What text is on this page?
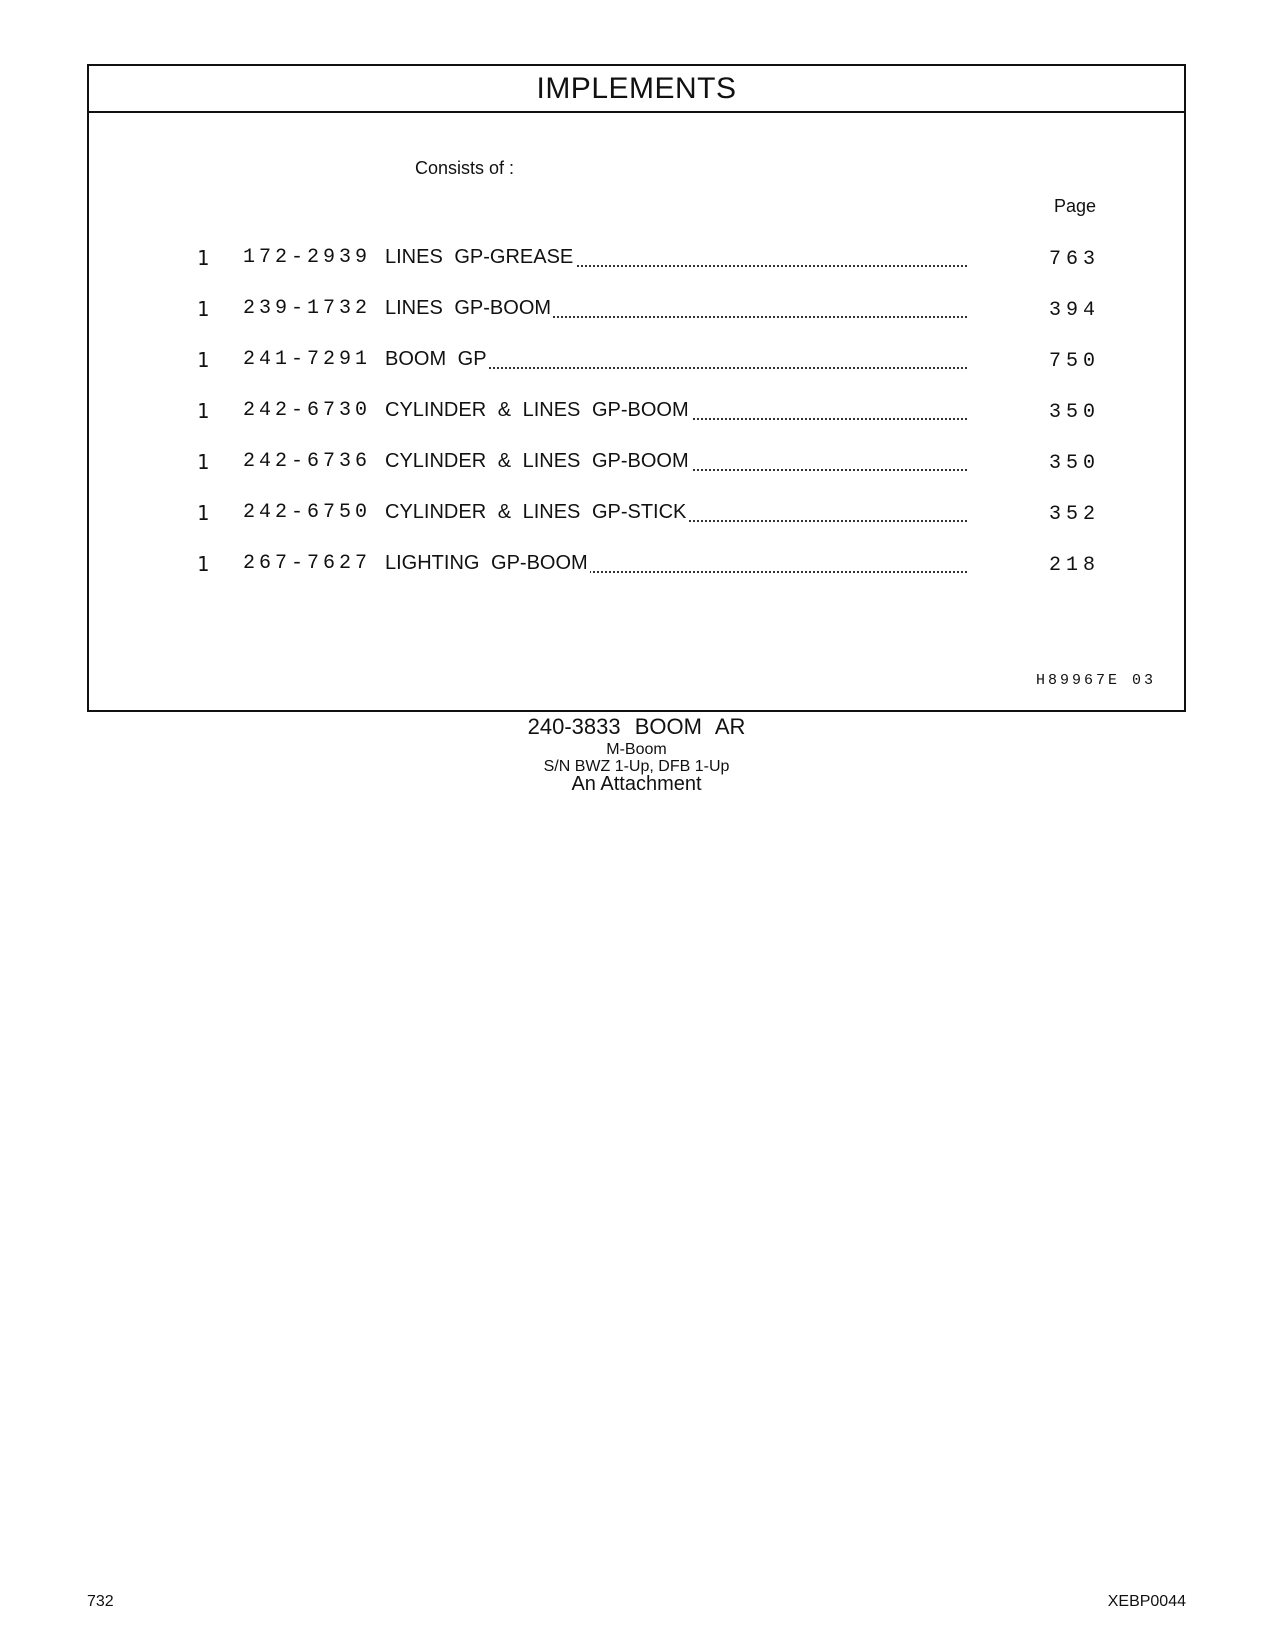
IMPLEMENTS
Consists of :
Page
1 172-2939 LINES GP-GREASE	763
1 239-1732 LINES GP-BOOM	394
1 241-7291 BOOM GP	750
1 242-6730 CYLINDER & LINES GP-BOOM	350
1 242-6736 CYLINDER & LINES GP-BOOM	350
1 242-6750 CYLINDER & LINES GP-STICK	352
1 267-7627 LIGHTING GP-BOOM	218
H89967E 03
240-3833 BOOM AR
M-Boom
S/N BWZ 1-Up, DFB 1-Up
An Attachment
732	XEBP0044
